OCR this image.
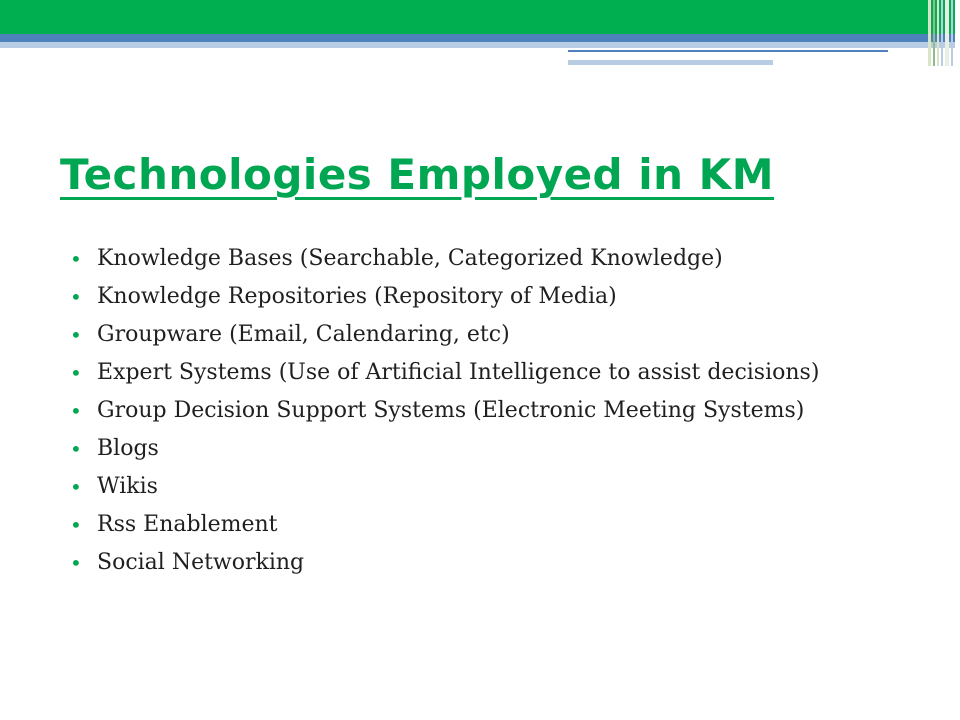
Technologies Employed in KM
• Knowledge Bases (Searchable, Categorized Knowledge)
• Knowledge Repositories (Repository of Media)
• Groupware (Email, Calendaring, etc)
• Expert Systems (Use of Artificial Intelligence to assist decisions)
• Group Decision Support Systems (Electronic Meeting Systems)
• Blogs
• Wikis
• Rss Enablement
• Social Networking
